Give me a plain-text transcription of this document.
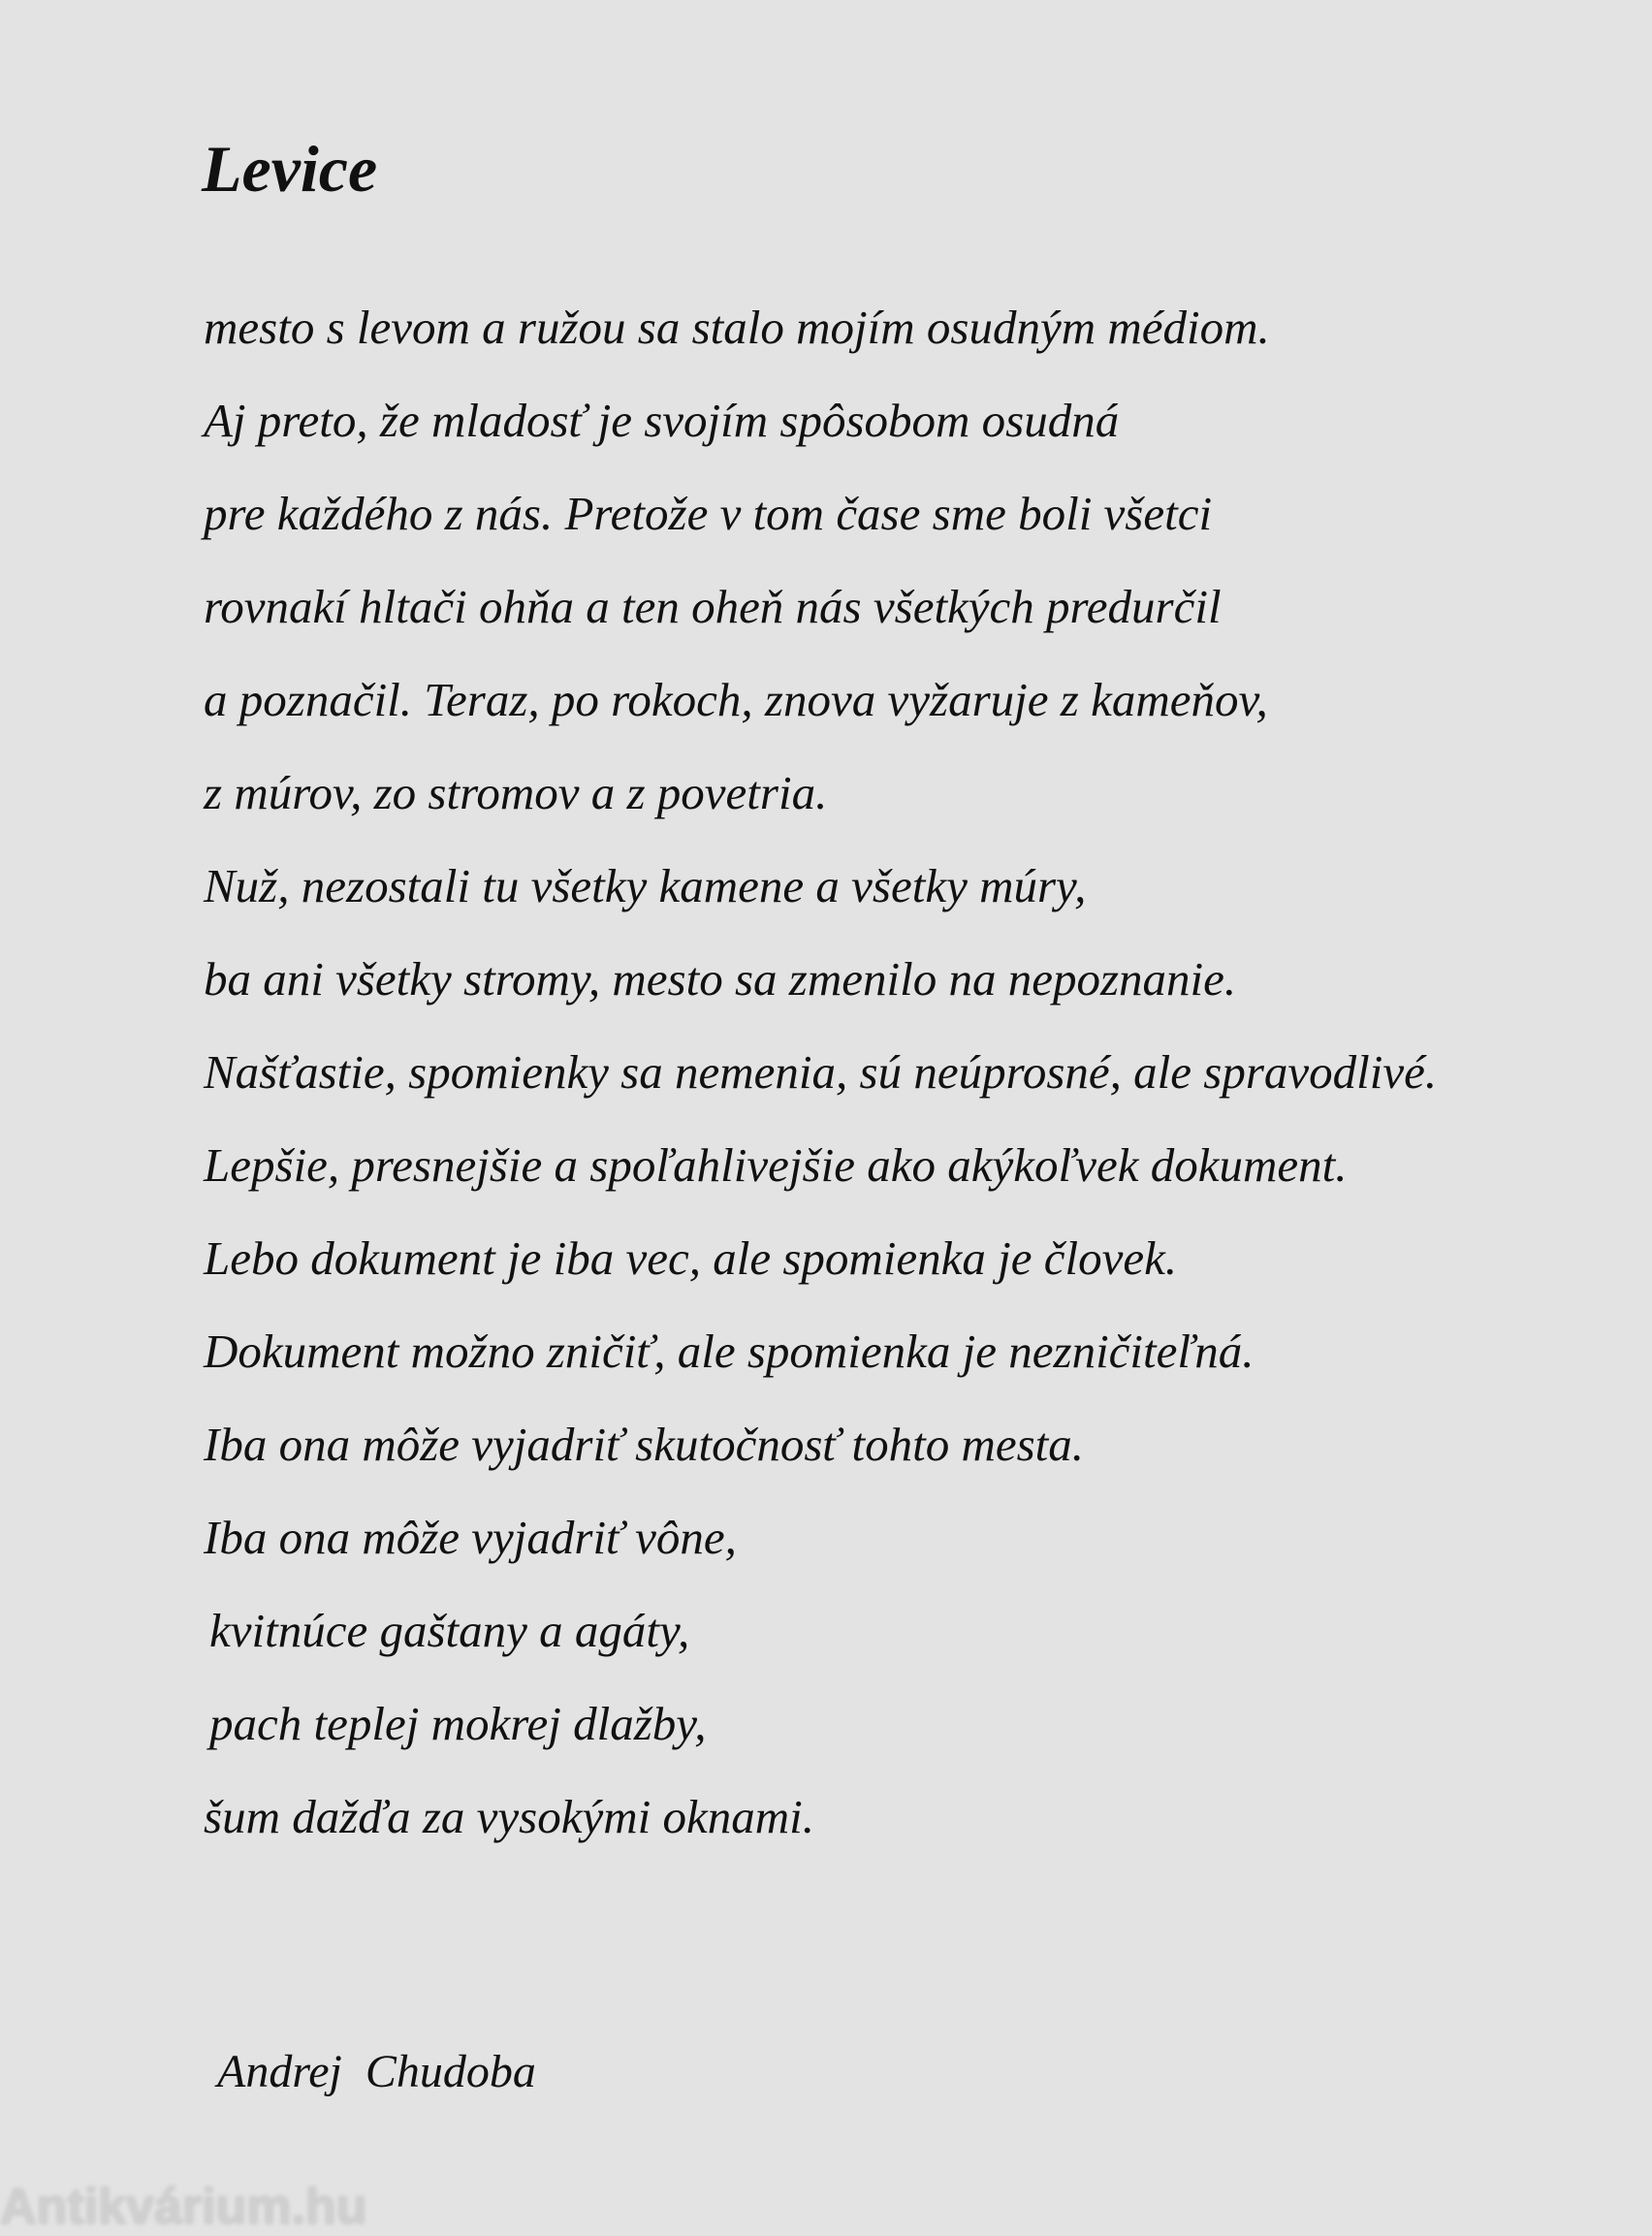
Levice
mesto s levom a ružou sa stalo mojím osudným médiom.
Aj preto, že mladosť je svojím spôsobom osudná
pre každého z nás. Pretože v tom čase sme boli všetci
rovnakí hltači ohňa a ten oheň nás všetkých predurčil
a poznačil. Teraz, po rokoch, znova vyžaruje z kameňov,
z múrov, zo stromov a z povetria.
Nuž, nezostali tu všetky kamene a všetky múry,
ba ani všetky stromy, mesto sa zmenilo na nepoznanie.
Našťastie, spomienky sa nemenia, sú neúprosné, ale spravodlivé.
Lepšie, presnejšie a spoľahlivejšie ako akýkoľvek dokument.
Lebo dokument je iba vec, ale spomienka je človek.
Dokument možno zničiť, ale spomienka je nezničiteľná.
Iba ona môže vyjadriť skutočnosť tohto mesta.
Iba ona môže vyjadriť vône,
kvitnúce gaštany a agáty,
pach teplej mokrej dlažby,
šum dažďa za vysokými oknami.
Andrej  Chudoba
Antikvárium.hu
